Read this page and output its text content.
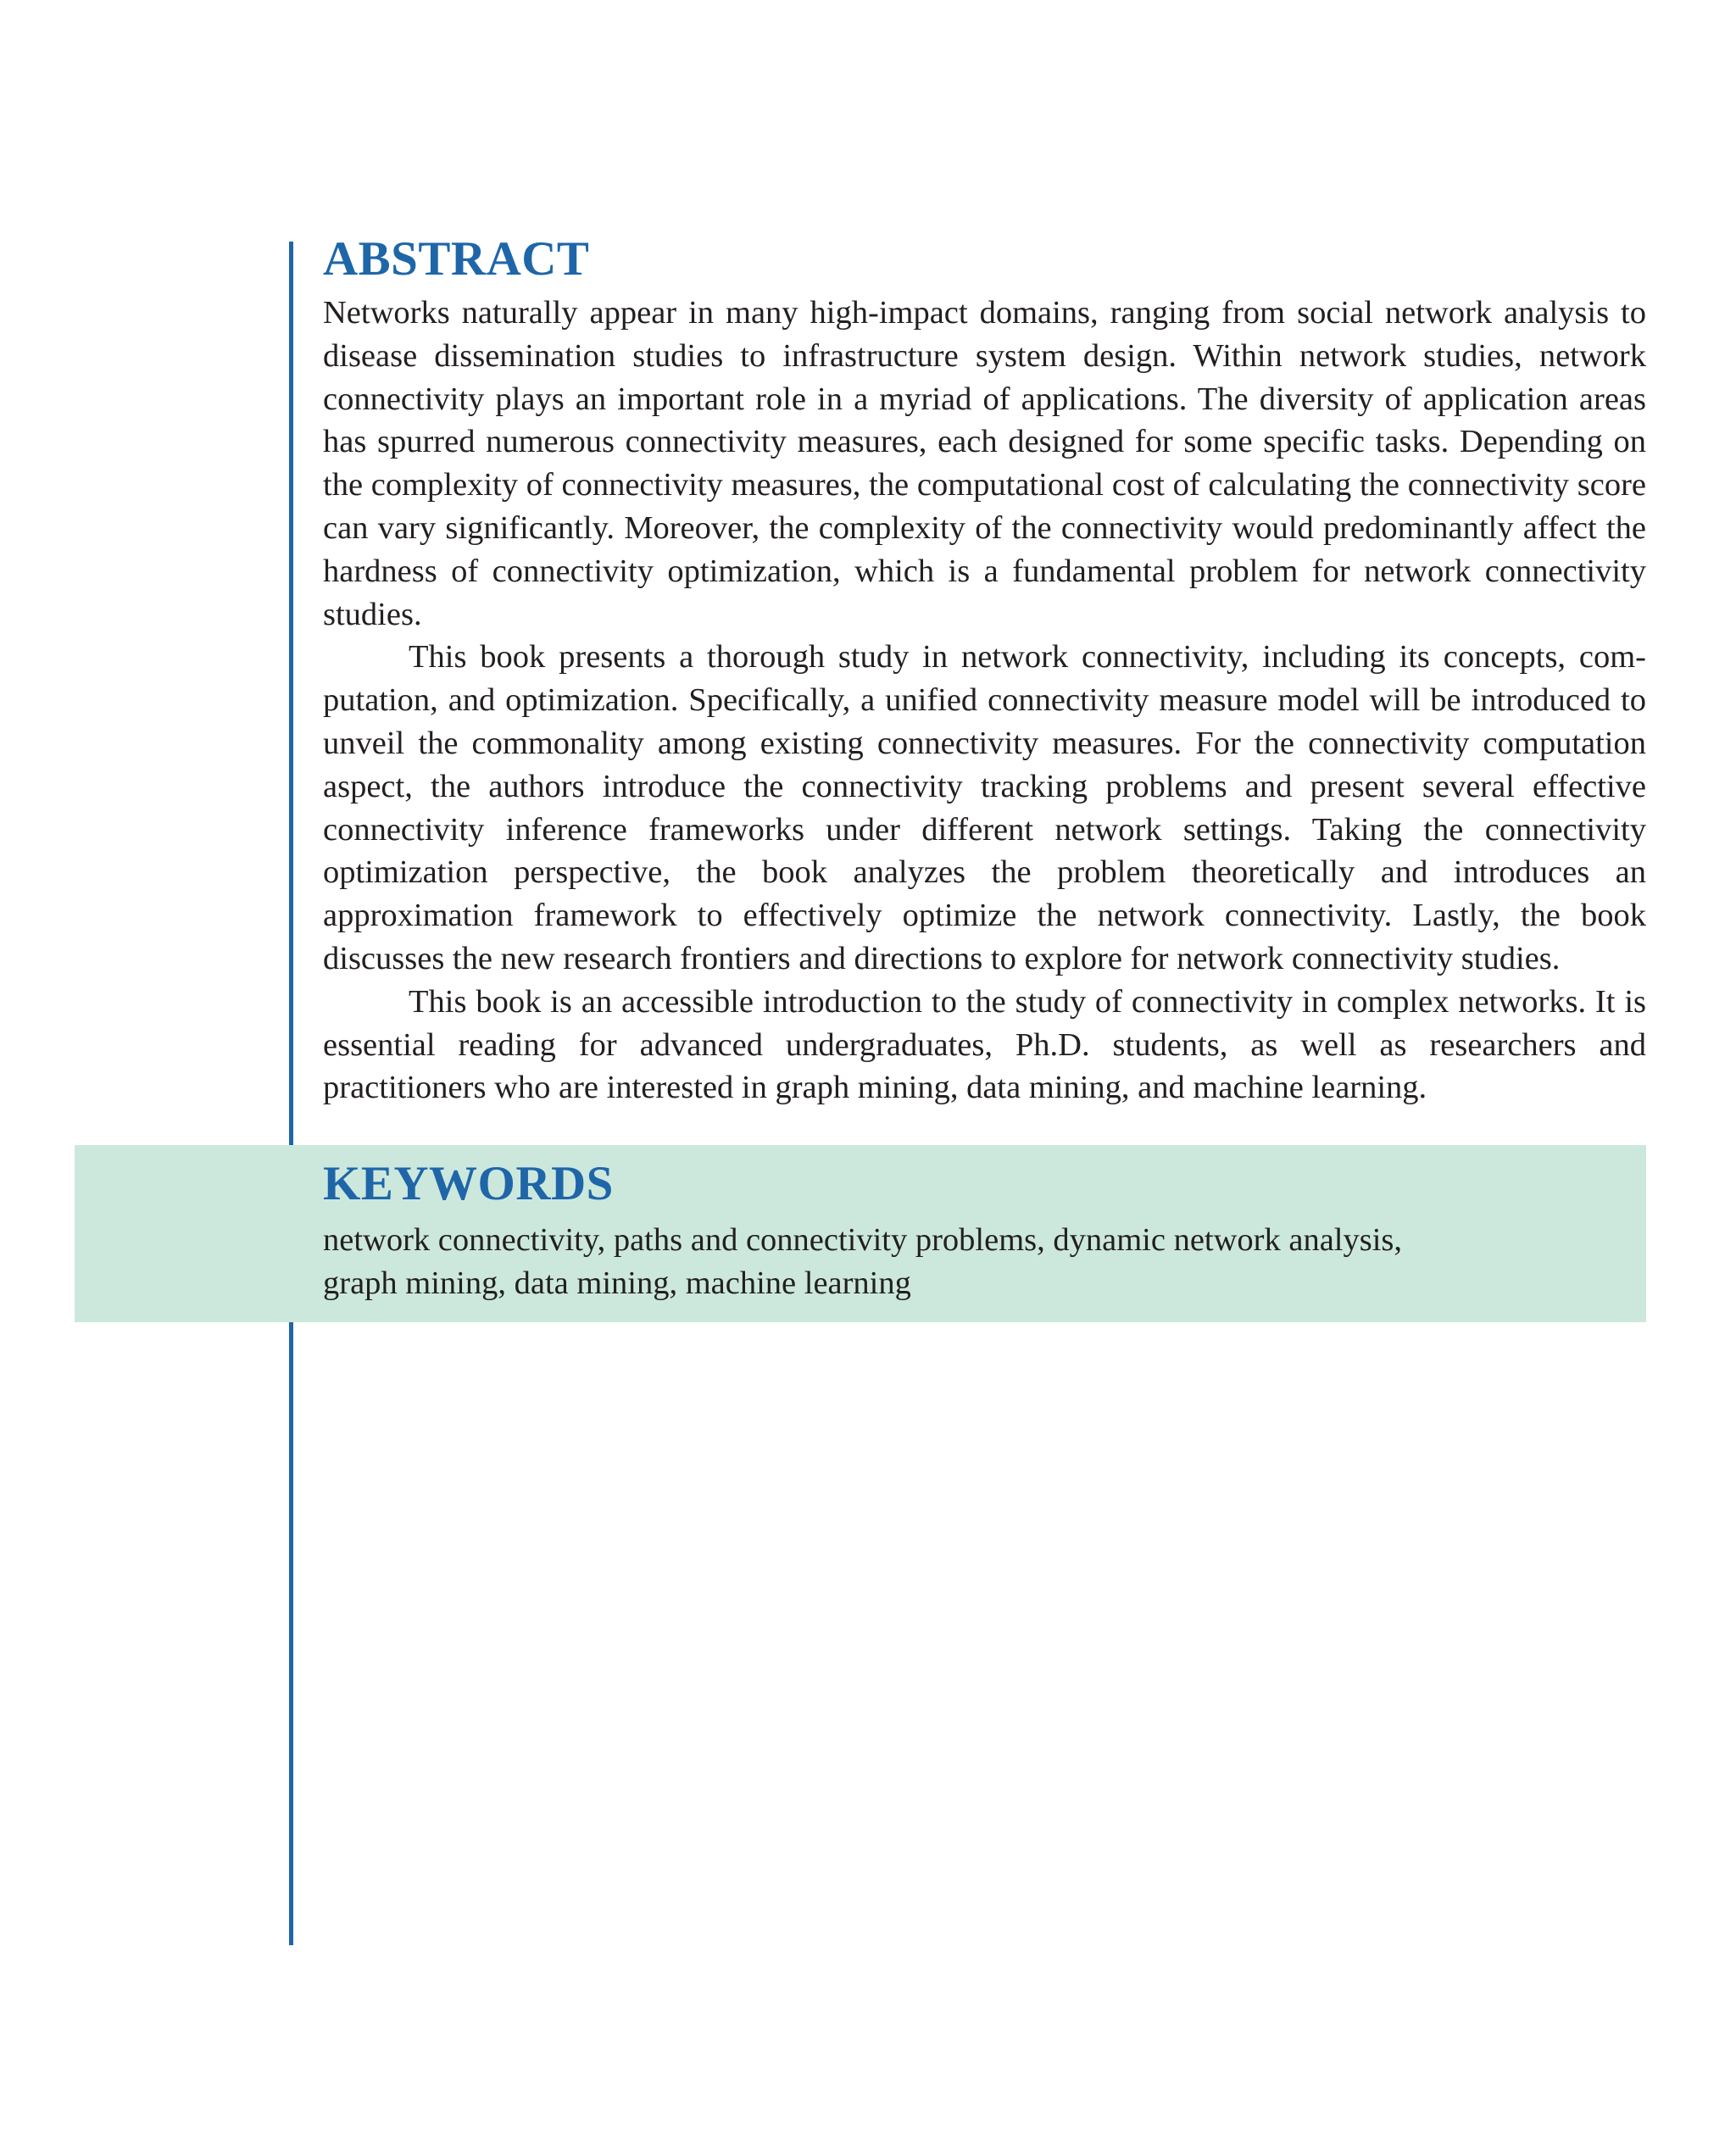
ABSTRACT

Networks naturally appear in many high-impact domains, ranging from social network analysis to disease dissemination studies to infrastructure system design. Within network studies, network connectivity plays an important role in a myriad of applications. The diversity of application areas has spurred numerous connectivity measures, each designed for some specific tasks. Depending on the complexity of connectivity measures, the computational cost of calculating the connectivity score can vary significantly. Moreover, the complexity of the connectivity would predominantly affect the hardness of connectivity optimization, which is a fundamental problem for network connectivity studies.

This book presents a thorough study in network connectivity, including its concepts, computation, and optimization. Specifically, a unified connectivity measure model will be introduced to unveil the commonality among existing connectivity measures. For the connectivity computation aspect, the authors introduce the connectivity tracking problems and present several effective connectivity inference frameworks under different network settings. Taking the connectivity optimization perspective, the book analyzes the problem theoretically and introduces an approximation framework to effectively optimize the network connectivity. Lastly, the book discusses the new research frontiers and directions to explore for network connectivity studies.

This book is an accessible introduction to the study of connectivity in complex networks. It is essential reading for advanced undergraduates, Ph.D. students, as well as researchers and practitioners who are interested in graph mining, data mining, and machine learning.

KEYWORDS

network connectivity, paths and connectivity problems, dynamic network analysis,

graph mining, data mining, machine learning
